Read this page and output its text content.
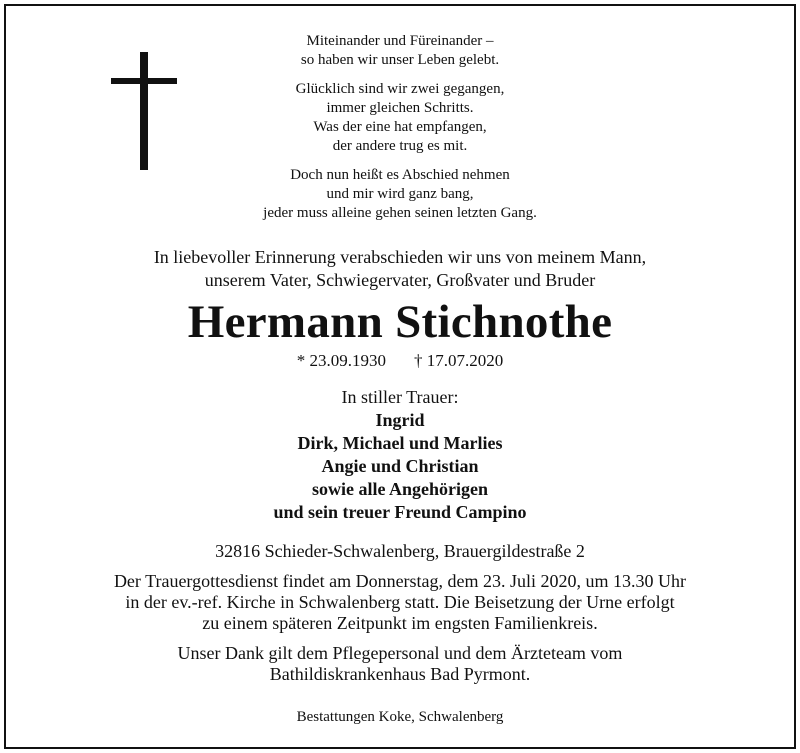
Miteinander und Füreinander –
so haben wir unser Leben gelebt.

Glücklich sind wir zwei gegangen,
immer gleichen Schritts.
Was der eine hat empfangen,
der andere trug es mit.

Doch nun heißt es Abschied nehmen
und mir wird ganz bang,
jeder muss alleine gehen seinen letzten Gang.

In liebevoller Erinnerung verabschieden wir uns von meinem Mann,
unserem Vater, Schwiegervater, Großvater und Bruder
Hermann Stichnothe
* 23.09.1930 † 17.07.2020
In stiller Trauer:
Ingrid
Dirk, Michael und Marlies
Angie und Christian
sowie alle Angehörigen
und sein treuer Freund Campino
32816 Schieder-Schwalenberg, Brauergildestraße 2
Der Trauergottesdienst findet am Donnerstag, dem 23. Juli 2020, um 13.30 Uhr
in der ev.-ref. Kirche in Schwalenberg statt. Die Beisetzung der Urne erfolgt
zu einem späteren Zeitpunkt im engsten Familienkreis.
Unser Dank gilt dem Pflegepersonal und dem Ärzteteam vom
Bathildiskrankenhaus Bad Pyrmont.
Bestattungen Koke, Schwalenberg
